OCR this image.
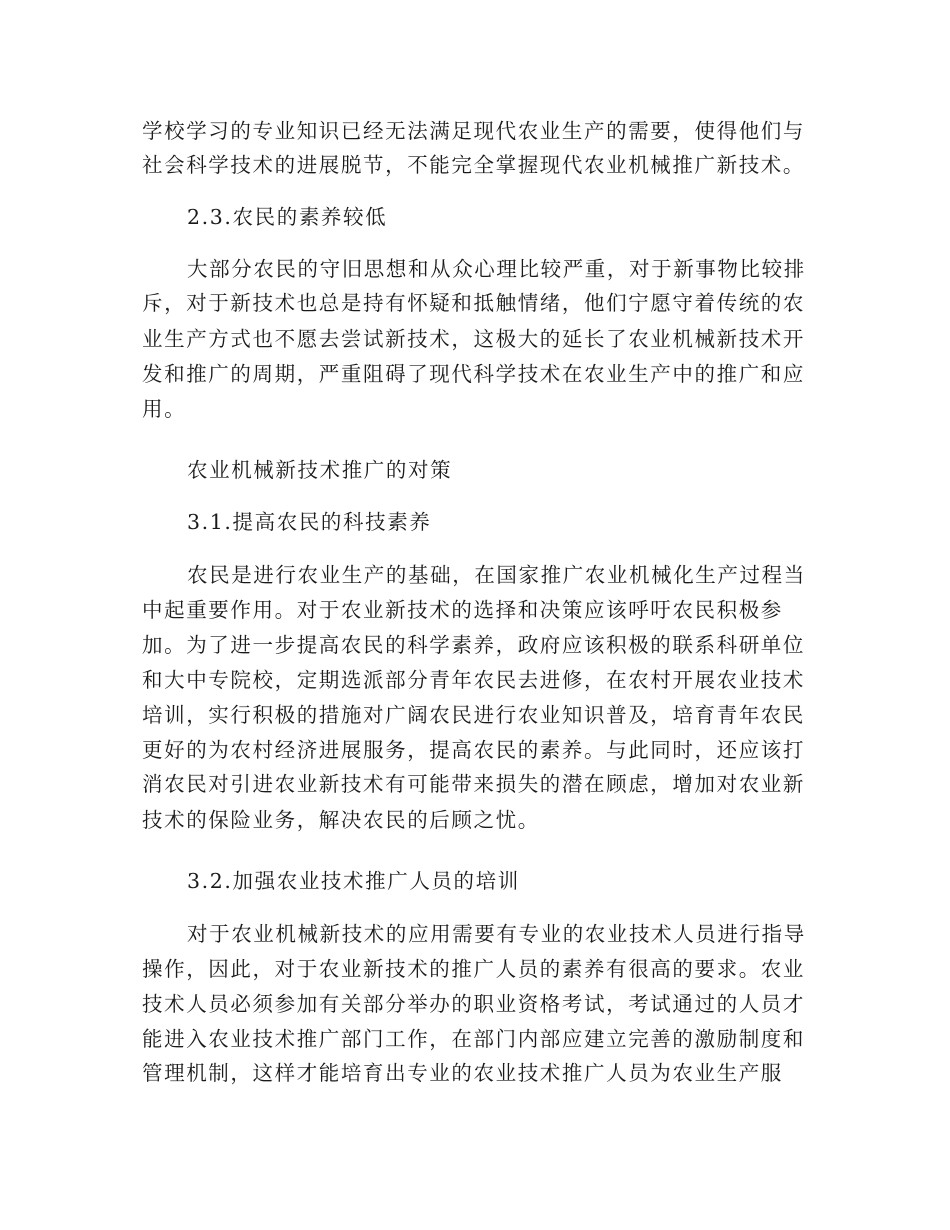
学校学习的专业知识已经无法满足现代农业生产的需要，使得他们与
社会科学技术的进展脱节，不能完全掌握现代农业机械推广新技术。
2.3.农民的素养较低
大部分农民的守旧思想和从众心理比较严重，对于新事物比较排
斥，对于新技术也总是持有怀疑和抵触情绪，他们宁愿守着传统的农
业生产方式也不愿去尝试新技术，这极大的延长了农业机械新技术开
发和推广的周期，严重阻碍了现代科学技术在农业生产中的推广和应
用。
农业机械新技术推广的对策
3.1.提高农民的科技素养
农民是进行农业生产的基础，在国家推广农业机械化生产过程当
中起重要作用。对于农业新技术的选择和决策应该呼吁农民积极参
加。为了进一步提高农民的科学素养，政府应该积极的联系科研单位
和大中专院校，定期选派部分青年农民去进修，在农村开展农业技术
培训，实行积极的措施对广阔农民进行农业知识普及，培育青年农民
更好的为农村经济进展服务，提高农民的素养。与此同时，还应该打
消农民对引进农业新技术有可能带来损失的潜在顾虑，增加对农业新
技术的保险业务，解决农民的后顾之忧。
3.2.加强农业技术推广人员的培训
对于农业机械新技术的应用需要有专业的农业技术人员进行指导
操作，因此，对于农业新技术的推广人员的素养有很高的要求。农业
技术人员必须参加有关部分举办的职业资格考试，考试通过的人员才
能进入农业技术推广部门工作，在部门内部应建立完善的激励制度和
管理机制，这样才能培育出专业的农业技术推广人员为农业生产服
